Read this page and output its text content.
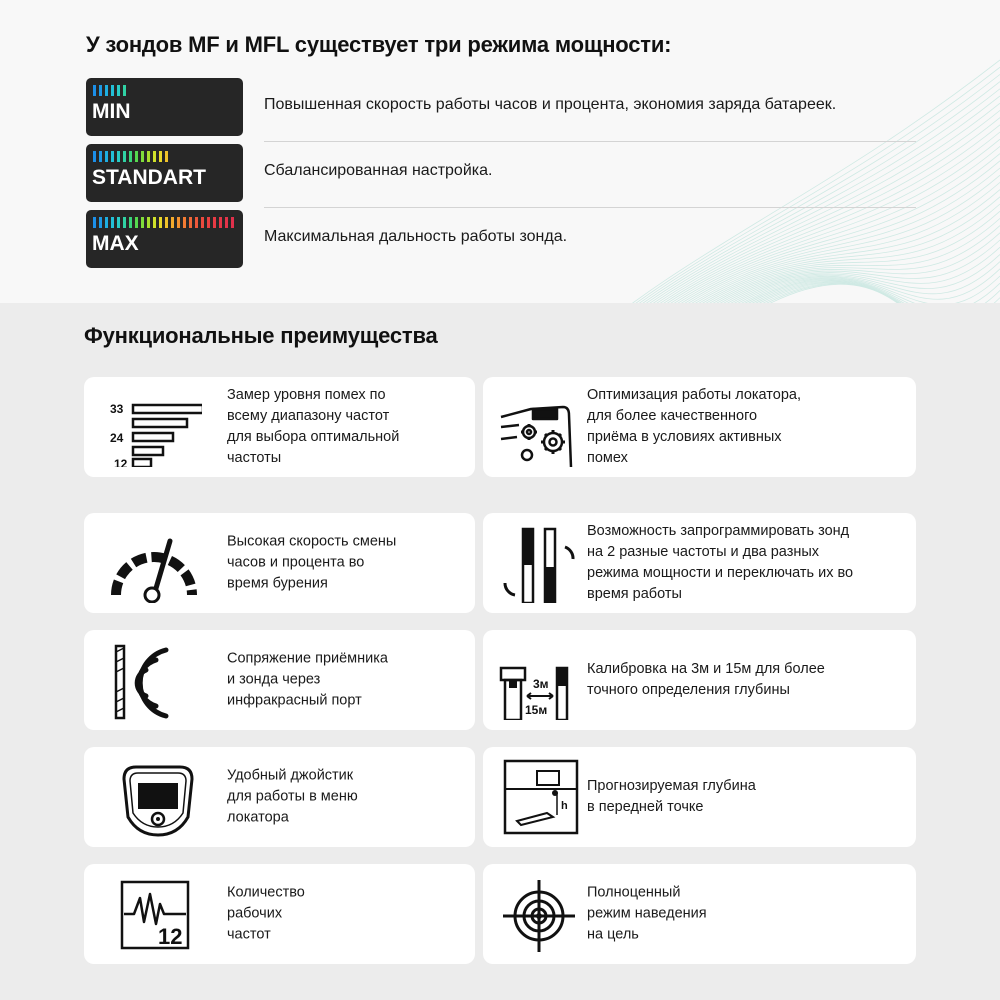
У зондов MF и MFL существует три режима мощности:
MIN	Повышенная скорость работы часов и процента, экономия заряда батареек.
STANDART	Сбалансированная настройка.
MAX	Максимальная дальность работы зонда.
Функциональные преимущества
33
24
12
Замер уровня помех по
всему диапазону частот
для выбора оптимальной
частоты
Оптимизация работы локатора,
для более качественного
приёма в условиях активных
помех
Высокая скорость смены
часов и процента во
время бурения
Возможность запрограммировать зонд
на 2 разные частоты и два разных
режима мощности и переключать их во
время работы
Сопряжение приёмника
и зонда через
инфракрасный порт
3м
15м
Калибровка на 3м и 15м для более
точного определения глубины
Удобный джойстик
для работы в меню
локатора
h
Прогнозируемая глубина
в передней точке
12
Количество
рабочих
частот
Полноценный
режим наведения
на цель
